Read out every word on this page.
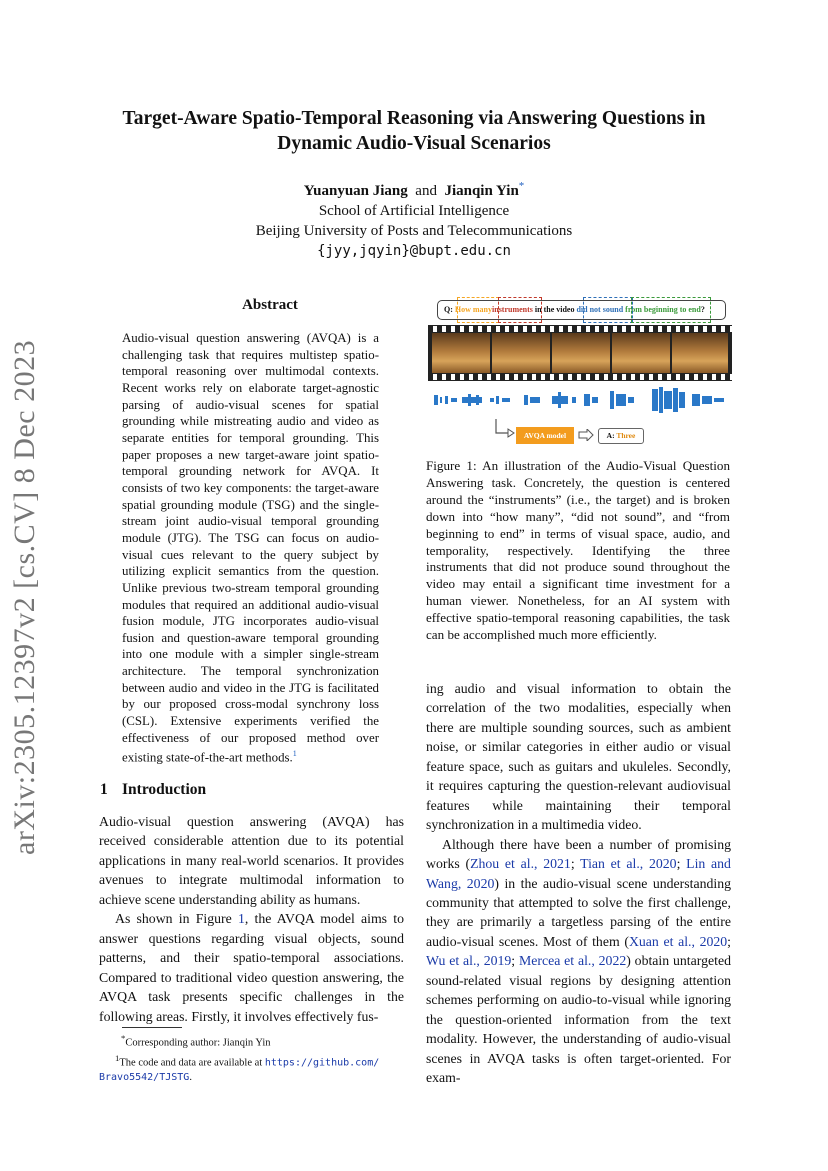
Target-Aware Spatio-Temporal Reasoning via Answering Questions in
Dynamic Audio-Visual Scenarios
Yuanyuan Jiang and Jianqin Yin*
School of Artificial Intelligence
Beijing University of Posts and Telecommunications
{jyy,jqyin}@bupt.edu.cn
arXiv:2305.12397v2 [cs.CV] 8 Dec 2023
Abstract
Audio-visual question answering (AVQA) is a challenging task that requires multistep spatio-temporal reasoning over multimodal contexts. Recent works rely on elaborate target-agnostic parsing of audio-visual scenes for spatial grounding while mistreating audio and video as separate entities for temporal grounding. This paper proposes a new target-aware joint spatio-temporal grounding network for AVQA. It consists of two key components: the target-aware spatial grounding module (TSG) and the single-stream joint audio-visual temporal grounding module (JTG). The TSG can focus on audio-visual cues relevant to the query subject by utilizing explicit semantics from the question. Unlike previous two-stream temporal grounding modules that required an additional audio-visual fusion module, JTG incorporates audio-visual fusion and question-aware temporal grounding into one module with a simpler single-stream architecture. The temporal synchronization between audio and video in the JTG is facilitated by our proposed cross-modal synchrony loss (CSL). Extensive experiments verified the effectiveness of our proposed method over existing state-of-the-art methods.$^1$
1 Introduction

Audio-visual question answering (AVQA) has received considerable attention due to its potential applications in many real-world scenarios. It provides avenues to integrate multimodal information to achieve scene understanding ability as humans.

As shown in Figure 1, the AVQA model aims to answer questions regarding visual objects, sound patterns, and their spatio-temporal associations. Compared to traditional video question answering, the AVQA task presents specific challenges in the following areas. Firstly, it involves effectively fus-

*Corresponding author: Jianqin Yin

$^1$The code and data are available at https://github.com/

Bravo5542/TJSTG.

Q: How manyinstruments in the video did not sound from beginning to end?
AVQA model	A: Three
Figure 1: An illustration of the Audio-Visual Question Answering task. Concretely, the question is centered around the “instruments” (i.e., the target) and is broken down into “how many”, “did not sound”, and “from beginning to end” in terms of visual space, audio, and temporality, respectively. Identifying the three instruments that did not produce sound throughout the video may entail a significant time investment for a human viewer. Nonetheless, for an AI system with effective spatio-temporal reasoning capabilities, the task can be accomplished much more efficiently.

ing audio and visual information to obtain the correlation of the two modalities, especially when there are multiple sounding sources, such as ambient noise, or similar categories in either audio or visual feature space, such as guitars and ukuleles. Secondly, it requires capturing the question-relevant audiovisual features while maintaining their temporal synchronization in a multimedia video.

Although there have been a number of promising works (Zhou et al., 2021; Tian et al., 2020; Lin and Wang, 2020) in the audio-visual scene understanding community that attempted to solve the first challenge, they are primarily a targetless parsing of the entire audio-visual scenes. Most of them (Xuan et al., 2020; Wu et al., 2019; Mercea et al., 2022) obtain untargeted sound-related visual regions by designing attention schemes performing on audio-to-visual while ignoring the question-oriented information from the text modality. However, the understanding of audio-visual scenes in AVQA tasks is often target-oriented. For exam-
